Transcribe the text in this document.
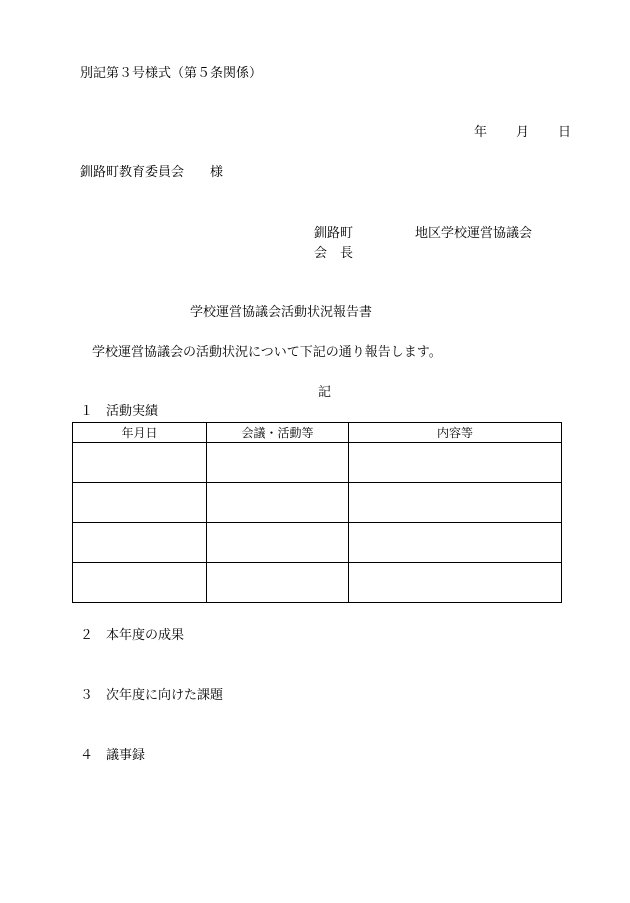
別記第３号様式（第５条関係）
年 月 日
釧路町教育委員会　　様
釧路町	地区学校運営協議会
会　長
学校運営協議会活動状況報告書
学校運営協議会の活動状況について下記の通り報告します。
記
１ 活動実績
年月日	会議・活動等	内容等

２ 本年度の成果
３ 次年度に向けた課題
４ 議事録
